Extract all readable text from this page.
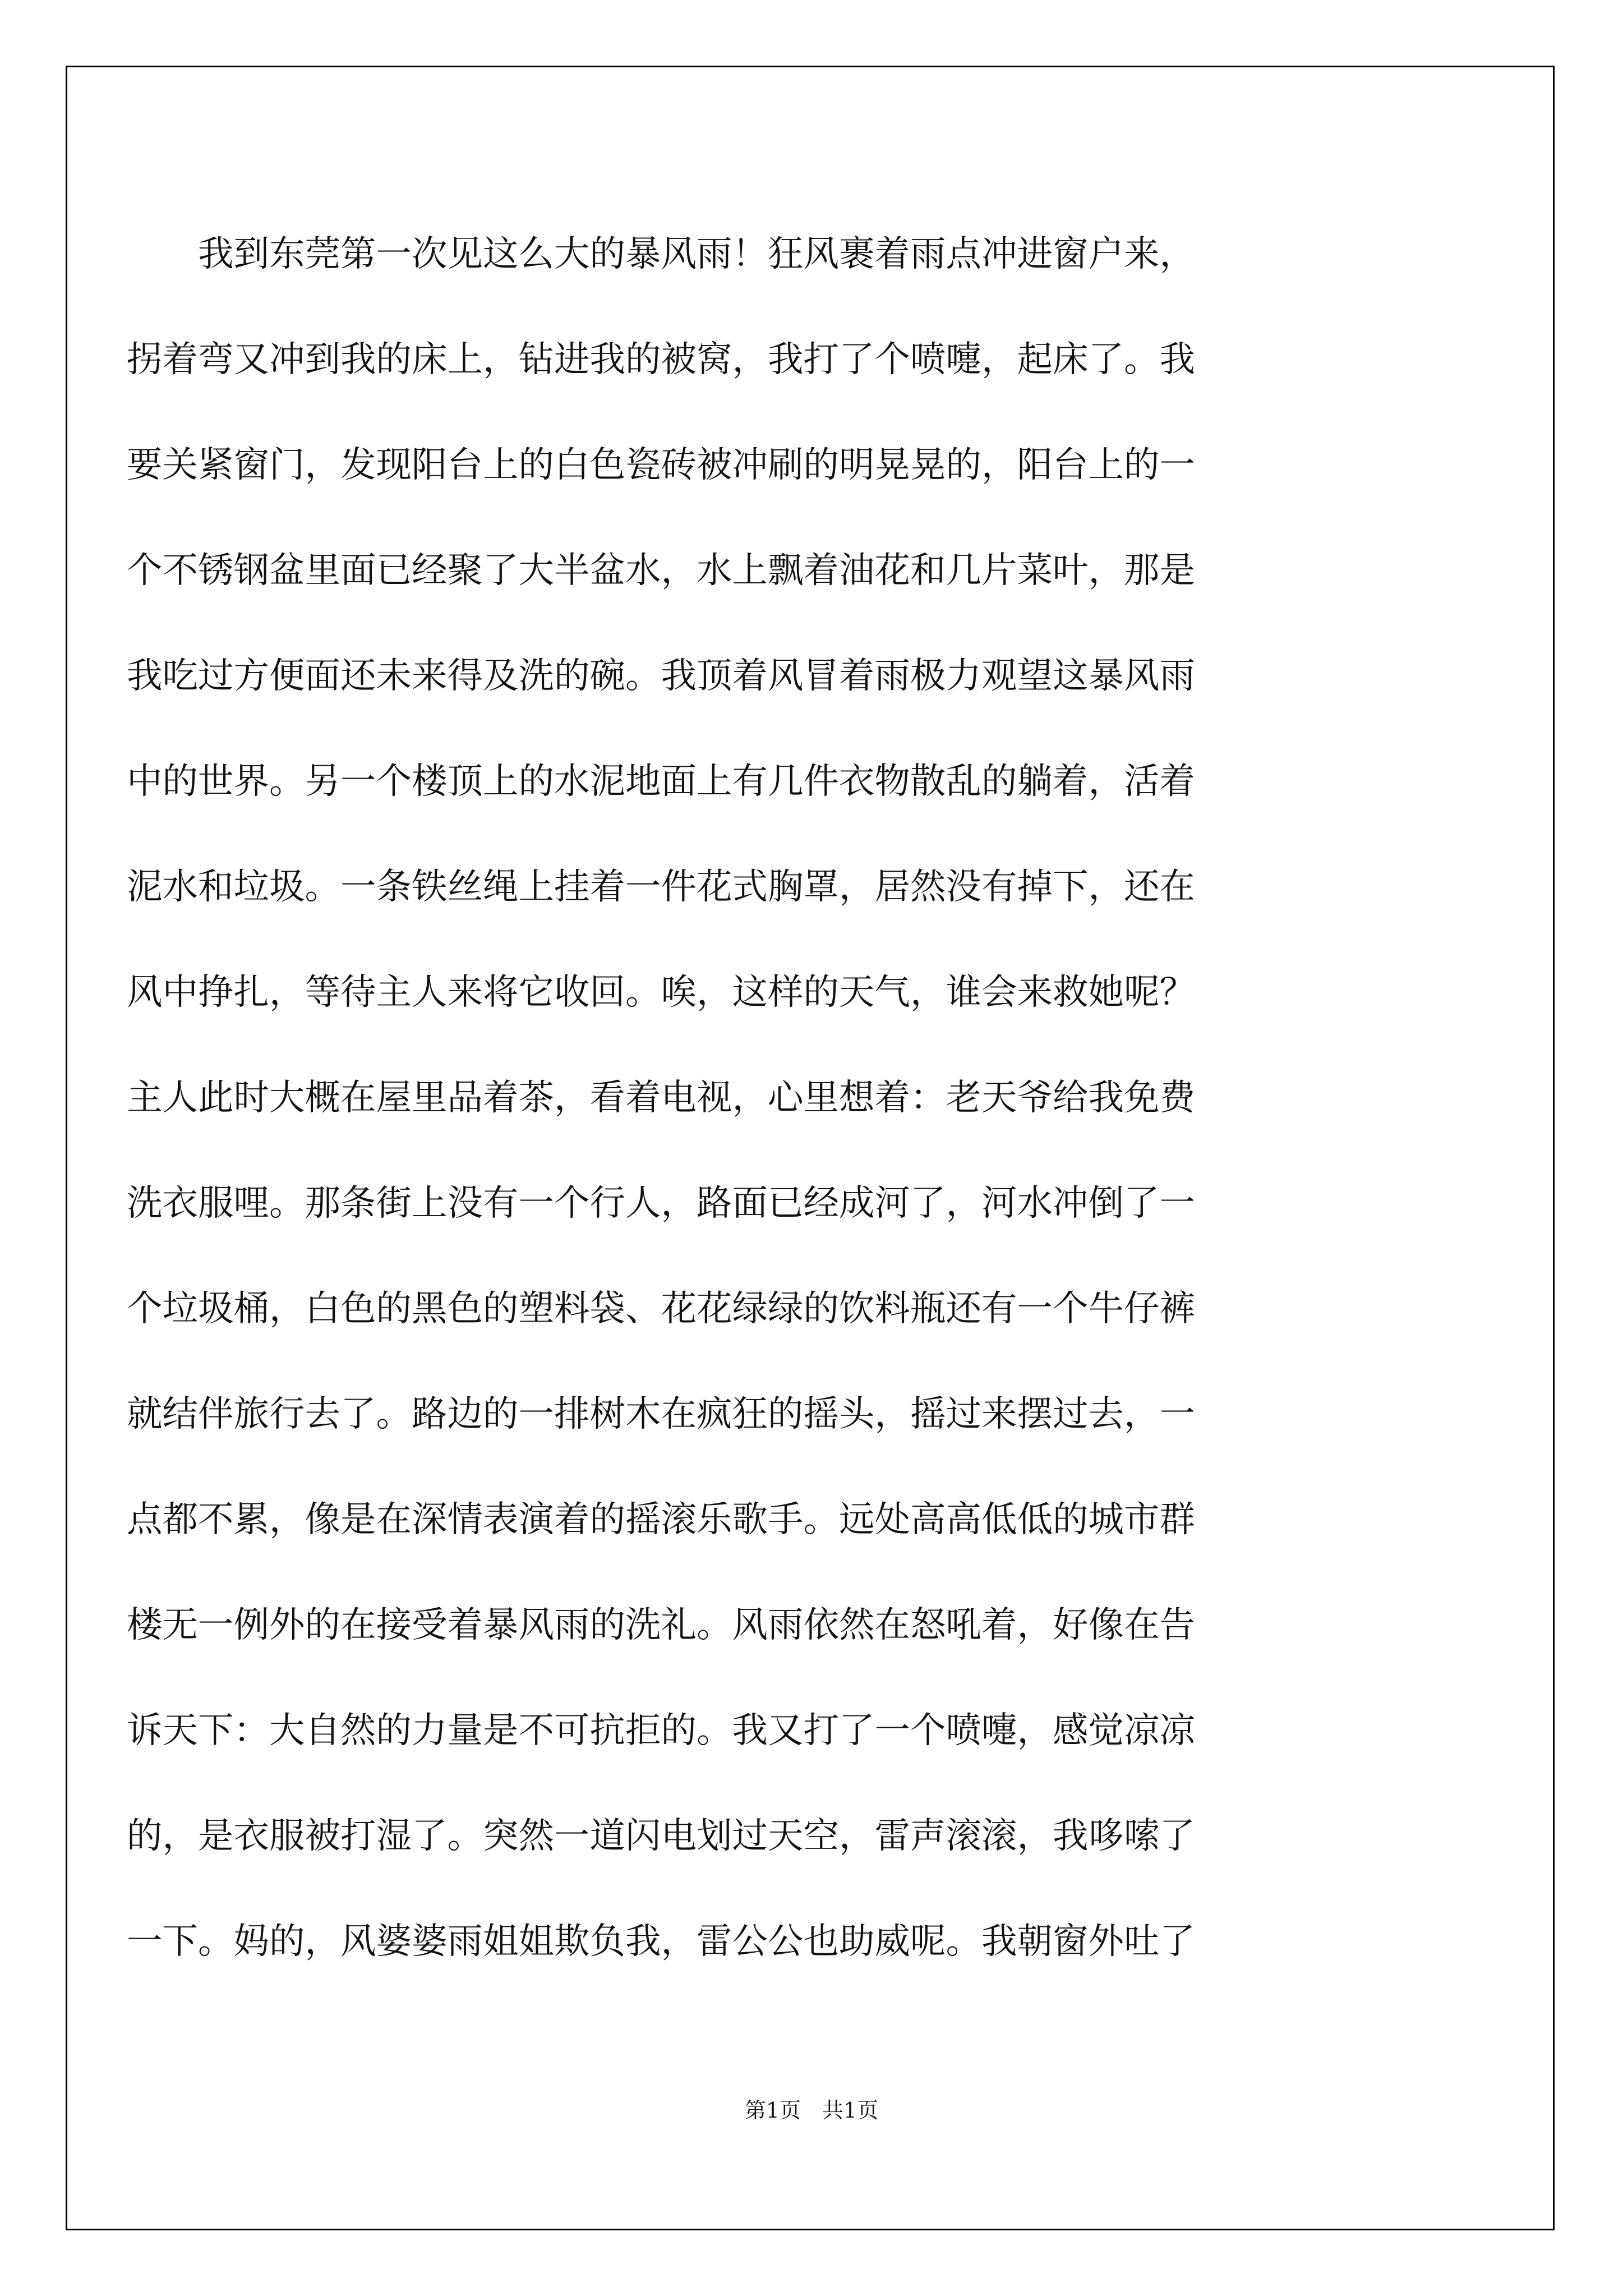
　　我到东莞第一次见这么大的暴风雨！狂风裹着雨点冲进窗户来，
拐着弯又冲到我的床上，钻进我的被窝，我打了个喷嚏，起床了。我
要关紧窗门，发现阳台上的白色瓷砖被冲刷的明晃晃的，阳台上的一
个不锈钢盆里面已经聚了大半盆水，水上飘着油花和几片菜叶，那是
我吃过方便面还未来得及洗的碗。我顶着风冒着雨极力观望这暴风雨
中的世界。另一个楼顶上的水泥地面上有几件衣物散乱的躺着，活着
泥水和垃圾。一条铁丝绳上挂着一件花式胸罩，居然没有掉下，还在
风中挣扎，等待主人来将它收回。唉，这样的天气，谁会来救她呢？
主人此时大概在屋里品着茶，看着电视，心里想着：老天爷给我免费
洗衣服哩。那条街上没有一个行人，路面已经成河了，河水冲倒了一
个垃圾桶，白色的黑色的塑料袋、花花绿绿的饮料瓶还有一个牛仔裤
就结伴旅行去了。路边的一排树木在疯狂的摇头，摇过来摆过去，一
点都不累，像是在深情表演着的摇滚乐歌手。远处高高低低的城市群
楼无一例外的在接受着暴风雨的洗礼。风雨依然在怒吼着，好像在告
诉天下：大自然的力量是不可抗拒的。我又打了一个喷嚏，感觉凉凉
的，是衣服被打湿了。突然一道闪电划过天空，雷声滚滚，我哆嗦了
一下。妈的，风婆婆雨姐姐欺负我，雷公公也助威呢。我朝窗外吐了
第1页　共1页
